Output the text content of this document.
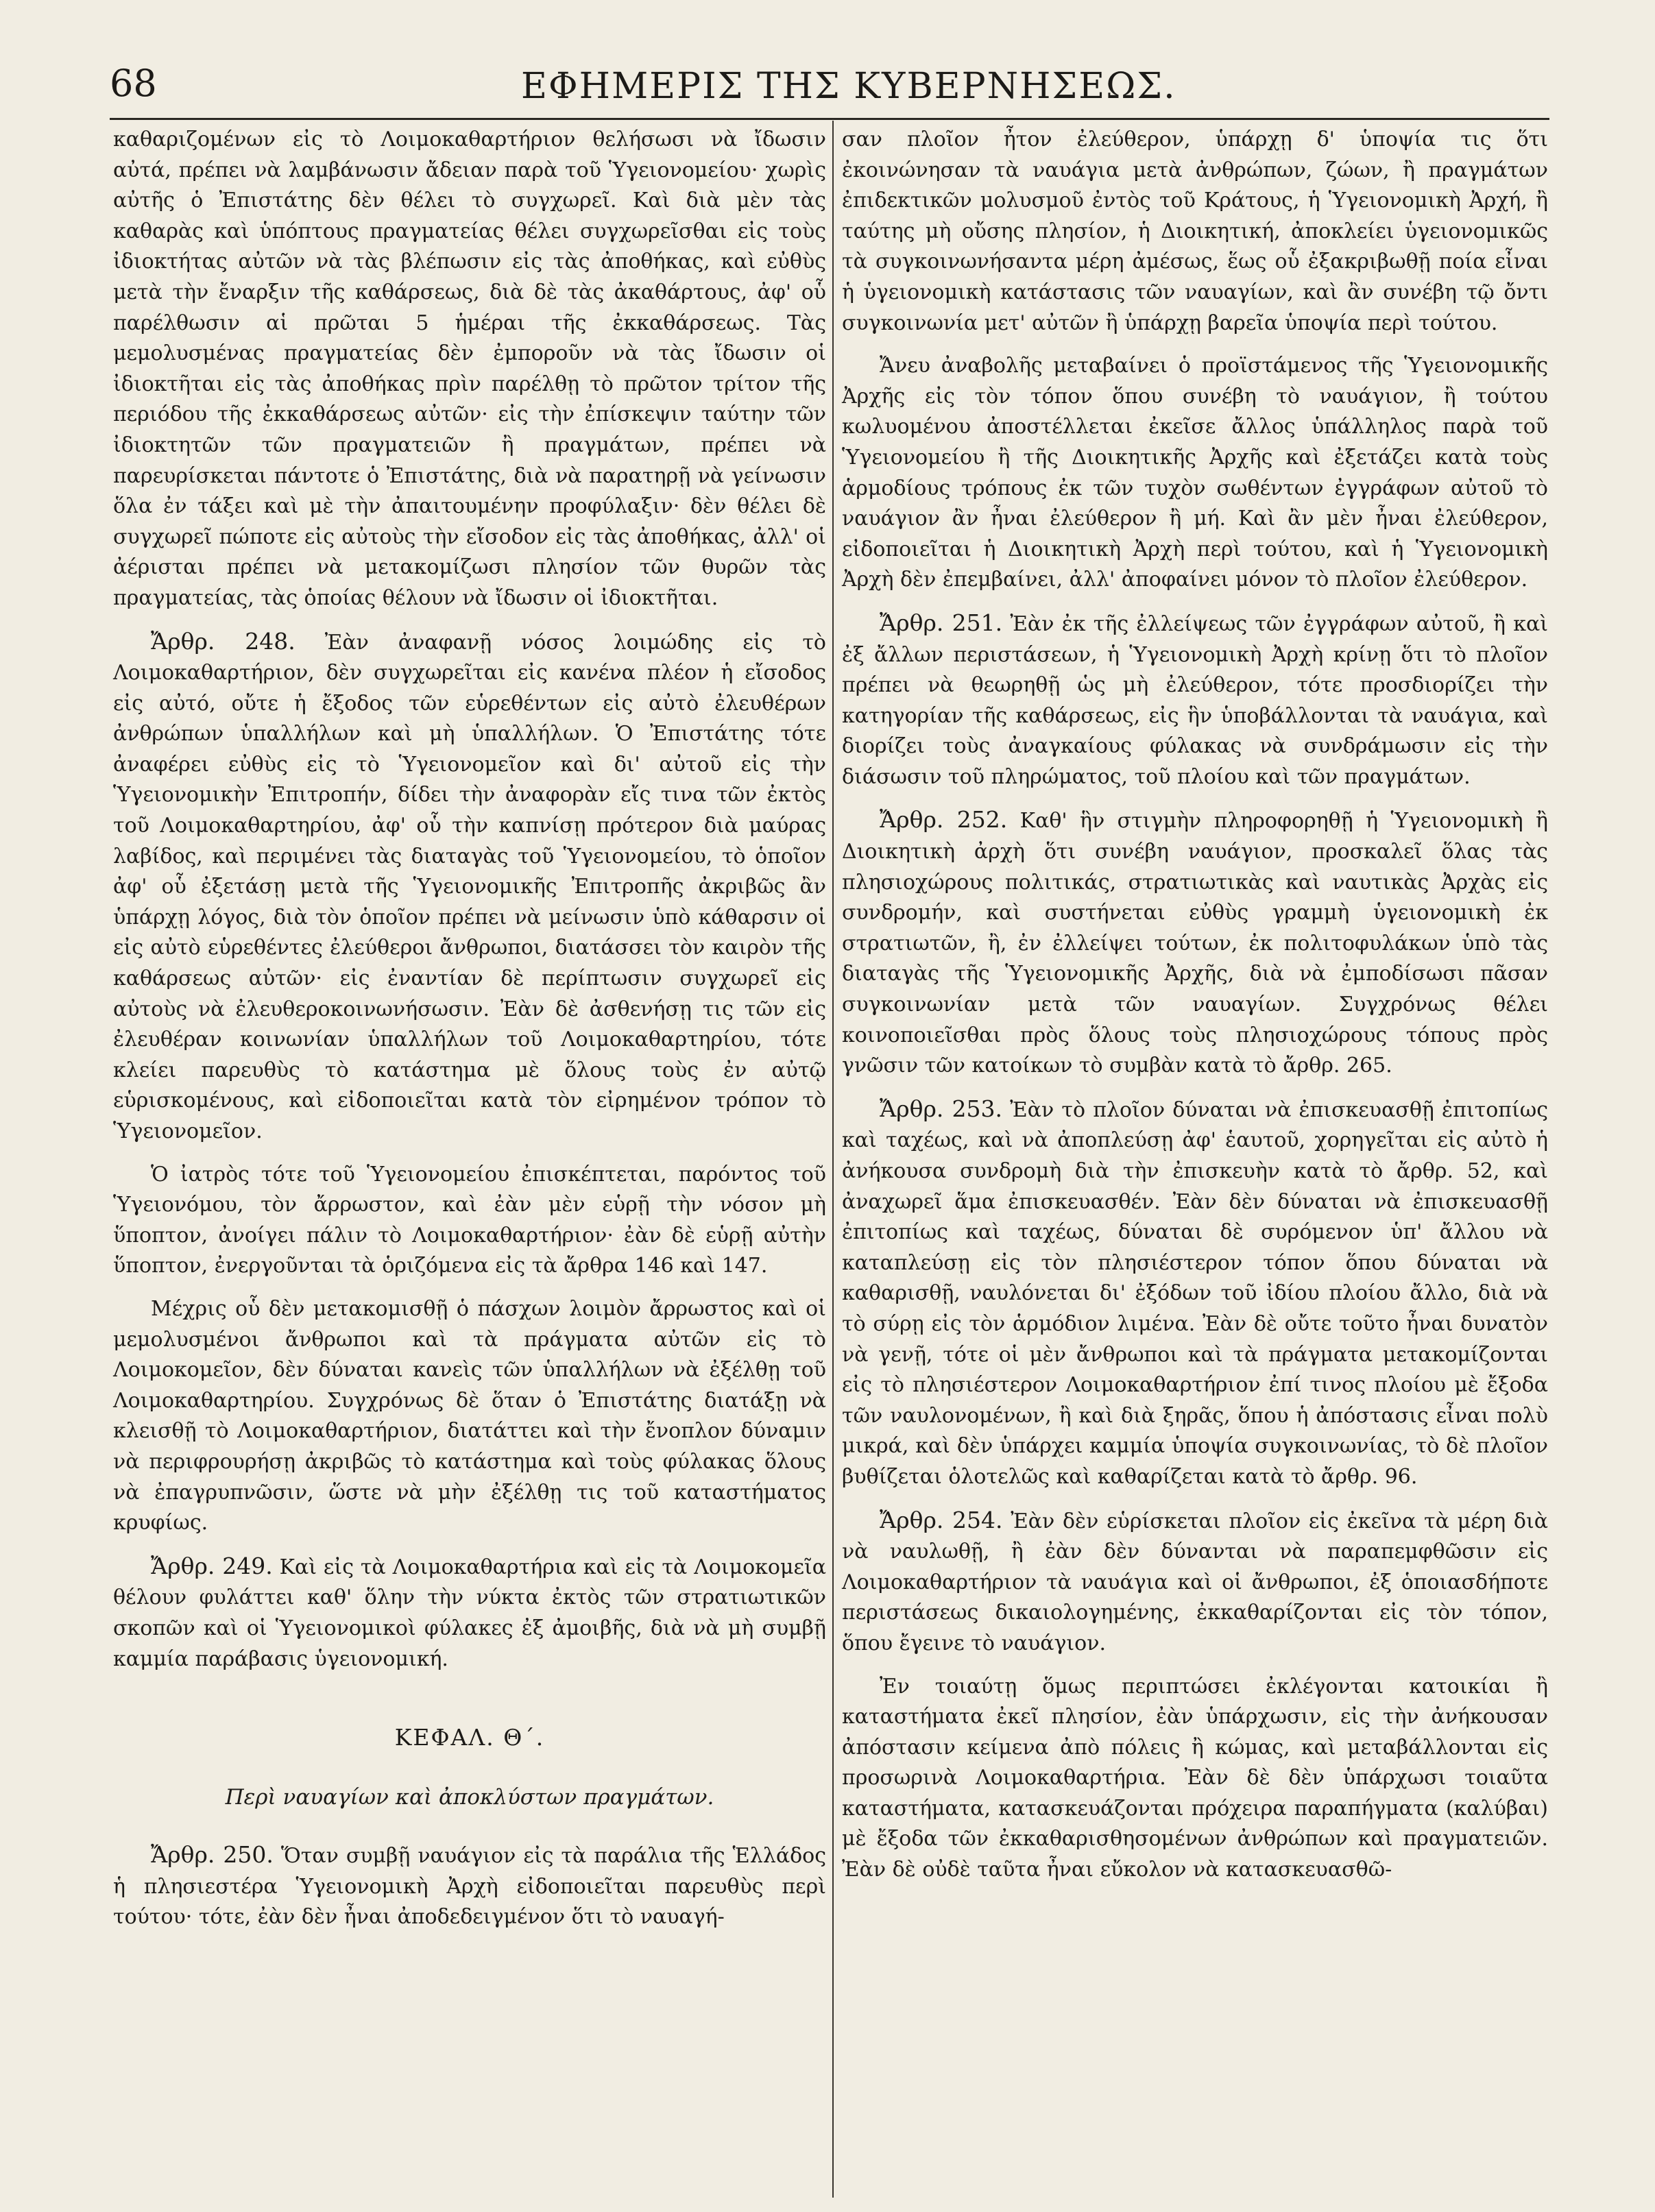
68	ΕΦΗΜΕΡΙΣ ΤΗΣ ΚΥΒΕΡΝΗΣΕΩΣ.

καθαριζομένων εἰς τὸ Λοιμοκαθαρτήριον θελήσωσι νὰ ἴδωσιν αὐτά, πρέπει νὰ λαμβάνωσιν ἄδειαν παρὰ τοῦ Ὑγειονομείου· χωρὶς αὐτῆς ὁ Ἐπιστάτης δὲν θέλει τὸ συγχωρεῖ. Καὶ διὰ μὲν τὰς καθαρὰς καὶ ὑπόπτους πραγματείας θέλει συγχωρεῖσθαι εἰς τοὺς ἰδιοκτήτας αὐτῶν νὰ τὰς βλέπωσιν εἰς τὰς ἀποθήκας, καὶ εὐθὺς μετὰ τὴν ἔναρξιν τῆς καθάρσεως, διὰ δὲ τὰς ἀκαθάρτους, ἀφ' οὗ παρέλθωσιν αἱ πρῶται 5 ἡμέραι τῆς ἐκκαθάρσεως. Τὰς μεμολυσμένας πραγματείας δὲν ἐμποροῦν νὰ τὰς ἴδωσιν οἱ ἰδιοκτῆται εἰς τὰς ἀποθήκας πρὶν παρέλθῃ τὸ πρῶτον τρίτον τῆς περιόδου τῆς ἐκκαθάρσεως αὐτῶν· εἰς τὴν ἐπίσκεψιν ταύτην τῶν ἰδιοκτητῶν τῶν πραγματειῶν ἢ πραγμάτων, πρέπει νὰ παρευρίσκεται πάντοτε ὁ Ἐπιστάτης, διὰ νὰ παρατηρῇ νὰ γείνωσιν ὅλα ἐν τάξει καὶ μὲ τὴν ἀπαιτουμένην προφύλαξιν· δὲν θέλει δὲ συγχωρεῖ πώποτε εἰς αὐτοὺς τὴν εἴσοδον εἰς τὰς ἀποθήκας, ἀλλ' οἱ ἀέρισται πρέπει νὰ μετακομίζωσι πλησίον τῶν θυρῶν τὰς πραγματείας, τὰς ὁποίας θέλουν νὰ ἴδωσιν οἱ ἰδιοκτῆται.

Ἄρθρ. 248. Ἐὰν ἀναφανῇ νόσος λοιμώδης εἰς τὸ Λοιμοκαθαρτήριον, δὲν συγχωρεῖται εἰς κανένα πλέον ἡ εἴσοδος εἰς αὐτό, οὔτε ἡ ἔξοδος τῶν εὑρεθέντων εἰς αὐτὸ ἐλευθέρων ἀνθρώπων ὑπαλλήλων καὶ μὴ ὑπαλλήλων. Ὁ Ἐπιστάτης τότε ἀναφέρει εὐθὺς εἰς τὸ Ὑγειονομεῖον καὶ δι' αὐτοῦ εἰς τὴν Ὑγειονομικὴν Ἐπιτροπήν, δίδει τὴν ἀναφορὰν εἴς τινα τῶν ἐκτὸς τοῦ Λοιμοκαθαρτηρίου, ἀφ' οὗ τὴν καπνίσῃ πρότερον διὰ μαύρας λαβίδος, καὶ περιμένει τὰς διαταγὰς τοῦ Ὑγειονομείου, τὸ ὁποῖον ἀφ' οὗ ἐξετάσῃ μετὰ τῆς Ὑγειονομικῆς Ἐπιτροπῆς ἀκριβῶς ἂν ὑπάρχῃ λόγος, διὰ τὸν ὁποῖον πρέπει νὰ μείνωσιν ὑπὸ κάθαρσιν οἱ εἰς αὐτὸ εὑρεθέντες ἐλεύθεροι ἄνθρωποι, διατάσσει τὸν καιρὸν τῆς καθάρσεως αὐτῶν· εἰς ἐναντίαν δὲ περίπτωσιν συγχωρεῖ εἰς αὐτοὺς νὰ ἐλευθεροκοινωνήσωσιν. Ἐὰν δὲ ἀσθενήσῃ τις τῶν εἰς ἐλευθέραν κοινωνίαν ὑπαλλήλων τοῦ Λοιμοκαθαρτηρίου, τότε κλείει παρευθὺς τὸ κατάστημα μὲ ὅλους τοὺς ἐν αὐτῷ εὑρισκομένους, καὶ εἰδοποιεῖται κατὰ τὸν εἰρημένον τρόπον τὸ Ὑγειονομεῖον.

Ὁ ἰατρὸς τότε τοῦ Ὑγειονομείου ἐπισκέπτεται, παρόντος τοῦ Ὑγειονόμου, τὸν ἄρρωστον, καὶ ἐὰν μὲν εὑρῇ τὴν νόσον μὴ ὕποπτον, ἀνοίγει πάλιν τὸ Λοιμοκαθαρτήριον· ἐὰν δὲ εὑρῇ αὐτὴν ὕποπτον, ἐνεργοῦνται τὰ ὁριζόμενα εἰς τὰ ἄρθρα 146 καὶ 147.

Μέχρις οὗ δὲν μετακομισθῇ ὁ πάσχων λοιμὸν ἄρρωστος καὶ οἱ μεμολυσμένοι ἄνθρωποι καὶ τὰ πράγματα αὐτῶν εἰς τὸ Λοιμοκομεῖον, δὲν δύναται κανεὶς τῶν ὑπαλλήλων νὰ ἐξέλθῃ τοῦ Λοιμοκαθαρτηρίου. Συγχρόνως δὲ ὅταν ὁ Ἐπιστάτης διατάξῃ νὰ κλεισθῇ τὸ Λοιμοκαθαρτήριον, διατάττει καὶ τὴν ἔνοπλον δύναμιν νὰ περιφρουρήσῃ ἀκριβῶς τὸ κατάστημα καὶ τοὺς φύλακας ὅλους νὰ ἐπαγρυπνῶσιν, ὥστε νὰ μὴν ἐξέλθῃ τις τοῦ καταστήματος κρυφίως.

Ἄρθρ. 249. Καὶ εἰς τὰ Λοιμοκαθαρτήρια καὶ εἰς τὰ Λοιμοκομεῖα θέλουν φυλάττει καθ' ὅλην τὴν νύκτα ἐκτὸς τῶν στρατιωτικῶν σκοπῶν καὶ οἱ Ὑγειονομικοὶ φύλακες ἐξ ἀμοιβῆς, διὰ νὰ μὴ συμβῇ καμμία παράβασις ὑγειονομική.

ΚΕΦΑΛ. Θ΄.

Περὶ ναυαγίων καὶ ἀποκλύστων πραγμάτων.

Ἄρθρ. 250. Ὅταν συμβῇ ναυάγιον εἰς τὰ παράλια τῆς Ἑλλάδος ἡ πλησιεστέρα Ὑγειονομικὴ Ἀρχὴ εἰδοποιεῖται παρευθὺς περὶ τούτου· τότε, ἐὰν δὲν ἦναι ἀποδεδειγμένον ὅτι τὸ ναυαγή-

σαν πλοῖον ἦτον ἐλεύθερον, ὑπάρχῃ δ' ὑποψία τις ὅτι ἐκοινώνησαν τὰ ναυάγια μετὰ ἀνθρώπων, ζώων, ἢ πραγμάτων ἐπιδεκτικῶν μολυσμοῦ ἐντὸς τοῦ Κράτους, ἡ Ὑγειονομικὴ Ἀρχή, ἢ ταύτης μὴ οὔσης πλησίον, ἡ Διοικητική, ἀποκλείει ὑγειονομικῶς τὰ συγκοινωνήσαντα μέρη ἀμέσως, ἕως οὗ ἐξακριβωθῇ ποία εἶναι ἡ ὑγειονομικὴ κατάστασις τῶν ναυαγίων, καὶ ἂν συνέβη τῷ ὄντι συγκοινωνία μετ' αὐτῶν ἢ ὑπάρχῃ βαρεῖα ὑποψία περὶ τούτου.

Ἄνευ ἀναβολῆς μεταβαίνει ὁ προϊστάμενος τῆς Ὑγειονομικῆς Ἀρχῆς εἰς τὸν τόπον ὅπου συνέβη τὸ ναυάγιον, ἢ τούτου κωλυομένου ἀποστέλλεται ἐκεῖσε ἄλλος ὑπάλληλος παρὰ τοῦ Ὑγειονομείου ἢ τῆς Διοικητικῆς Ἀρχῆς καὶ ἐξετάζει κατὰ τοὺς ἁρμοδίους τρόπους ἐκ τῶν τυχὸν σωθέντων ἐγγράφων αὐτοῦ τὸ ναυάγιον ἂν ἦναι ἐλεύθερον ἢ μή. Καὶ ἂν μὲν ἦναι ἐλεύθερον, εἰδοποιεῖται ἡ Διοικητικὴ Ἀρχὴ περὶ τούτου, καὶ ἡ Ὑγειονομικὴ Ἀρχὴ δὲν ἐπεμβαίνει, ἀλλ' ἀποφαίνει μόνον τὸ πλοῖον ἐλεύθερον.

Ἄρθρ. 251. Ἐὰν ἐκ τῆς ἐλλείψεως τῶν ἐγγράφων αὐτοῦ, ἢ καὶ ἐξ ἄλλων περιστάσεων, ἡ Ὑγειονομικὴ Ἀρχὴ κρίνῃ ὅτι τὸ πλοῖον πρέπει νὰ θεωρηθῇ ὡς μὴ ἐλεύθερον, τότε προσδιορίζει τὴν κατηγορίαν τῆς καθάρσεως, εἰς ἣν ὑποβάλλονται τὰ ναυάγια, καὶ διορίζει τοὺς ἀναγκαίους φύλακας νὰ συνδράμωσιν εἰς τὴν διάσωσιν τοῦ πληρώματος, τοῦ πλοίου καὶ τῶν πραγμάτων.

Ἄρθρ. 252. Καθ' ἣν στιγμὴν πληροφορηθῇ ἡ Ὑγειονομικὴ ἢ Διοικητικὴ ἀρχὴ ὅτι συνέβη ναυάγιον, προσκαλεῖ ὅλας τὰς πλησιοχώρους πολιτικάς, στρατιωτικὰς καὶ ναυτικὰς Ἀρχὰς εἰς συνδρομήν, καὶ συστήνεται εὐθὺς γραμμὴ ὑγειονομικὴ ἐκ στρατιωτῶν, ἢ, ἐν ἐλλείψει τούτων, ἐκ πολιτοφυλάκων ὑπὸ τὰς διαταγὰς τῆς Ὑγειονομικῆς Ἀρχῆς, διὰ νὰ ἐμποδίσωσι πᾶσαν συγκοινωνίαν μετὰ τῶν ναυαγίων. Συγχρόνως θέλει κοινοποιεῖσθαι πρὸς ὅλους τοὺς πλησιοχώρους τόπους πρὸς γνῶσιν τῶν κατοίκων τὸ συμβὰν κατὰ τὸ ἄρθρ. 265.

Ἄρθρ. 253. Ἐὰν τὸ πλοῖον δύναται νὰ ἐπισκευασθῇ ἐπιτοπίως καὶ ταχέως, καὶ νὰ ἀποπλεύσῃ ἀφ' ἑαυτοῦ, χορηγεῖται εἰς αὐτὸ ἡ ἀνήκουσα συνδρομὴ διὰ τὴν ἐπισκευὴν κατὰ τὸ ἄρθρ. 52, καὶ ἀναχωρεῖ ἅμα ἐπισκευασθέν. Ἐὰν δὲν δύναται νὰ ἐπισκευασθῇ ἐπιτοπίως καὶ ταχέως, δύναται δὲ συρόμενον ὑπ' ἄλλου νὰ καταπλεύσῃ εἰς τὸν πλησιέστερον τόπον ὅπου δύναται νὰ καθαρισθῇ, ναυλόνεται δι' ἐξόδων τοῦ ἰδίου πλοίου ἄλλο, διὰ νὰ τὸ σύρῃ εἰς τὸν ἁρμόδιον λιμένα. Ἐὰν δὲ οὔτε τοῦτο ἦναι δυνατὸν νὰ γενῇ, τότε οἱ μὲν ἄνθρωποι καὶ τὰ πράγματα μετακομίζονται εἰς τὸ πλησιέστερον Λοιμοκαθαρτήριον ἐπί τινος πλοίου μὲ ἔξοδα τῶν ναυλονομένων, ἢ καὶ διὰ ξηρᾶς, ὅπου ἡ ἀπόστασις εἶναι πολὺ μικρά, καὶ δὲν ὑπάρχει καμμία ὑποψία συγκοινωνίας, τὸ δὲ πλοῖον βυθίζεται ὁλοτελῶς καὶ καθαρίζεται κατὰ τὸ ἄρθρ. 96.

Ἄρθρ. 254. Ἐὰν δὲν εὑρίσκεται πλοῖον εἰς ἐκεῖνα τὰ μέρη διὰ νὰ ναυλωθῇ, ἢ ἐὰν δὲν δύνανται νὰ παραπεμφθῶσιν εἰς Λοιμοκαθαρτήριον τὰ ναυάγια καὶ οἱ ἄνθρωποι, ἐξ ὁποιασδήποτε περιστάσεως δικαιολογημένης, ἐκκαθαρίζονται εἰς τὸν τόπον, ὅπου ἔγεινε τὸ ναυάγιον.

Ἐν τοιαύτῃ ὅμως περιπτώσει ἐκλέγονται κατοικίαι ἢ καταστήματα ἐκεῖ πλησίον, ἐὰν ὑπάρχωσιν, εἰς τὴν ἀνήκουσαν ἀπόστασιν κείμενα ἀπὸ πόλεις ἢ κώμας, καὶ μεταβάλλονται εἰς προσωρινὰ Λοιμοκαθαρτήρια. Ἐὰν δὲ δὲν ὑπάρχωσι τοιαῦτα καταστήματα, κατασκευάζονται πρόχειρα παραπήγματα (καλύβαι) μὲ ἔξοδα τῶν ἐκκαθαρισθησομένων ἀνθρώπων καὶ πραγματειῶν. Ἐὰν δὲ οὐδὲ ταῦτα ἦναι εὔκολον νὰ κατασκευασθῶ-
